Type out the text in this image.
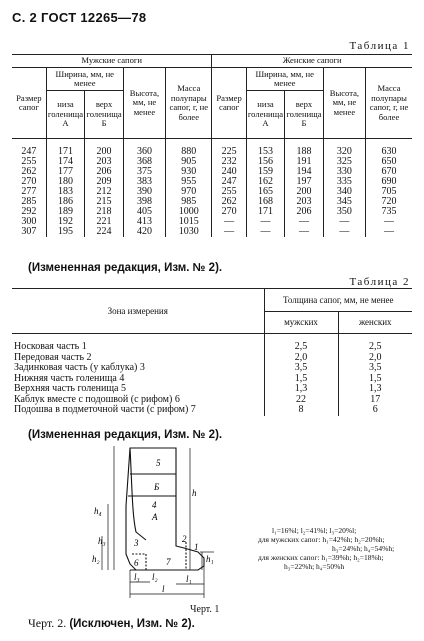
С. 2 ГОСТ 12265—78
Таблица 1
Мужские сапоги					Женские сапоги				
Размер сапог	Ширина, мм, не менее		Высота, мм, не менее	Масса полупары сапог, г, не более	Размер сапог	Ширина, мм, не менее		Высота, мм, не менее	Масса полупары сапог, г, не более
	низа голенища А	верх голенища Б				низа голенища А	верх голенища Б		

247	171	200	360	880	225	153	188	320	630
255	174	203	368	905	232	156	191	325	650
262	177	206	375	930	240	159	194	330	670
270	180	209	383	955	247	162	197	335	690
277	183	212	390	970	255	165	200	340	705
285	186	215	398	985	262	168	203	345	720
292	189	218	405	1000	270	171	206	350	735
300	192	221	413	1015	—	—	—	—	—
307	195	224	420	1030	—	—	—	—	—
(Измененная редакция, Изм. № 2).
Таблица 2
Зона измерения	Толщина сапог, мм, не менее	
	мужских	женских

Носковая часть 1	2,5	2,5
Передовая часть 2	2,0	2,0
Задинковая часть (у каблука) 3	3,5	3,5
Нижняя часть голенища 4	1,5	1,5
Верхняя часть голенища 5	1,3	1,3
Каблук вместе с подошвой (с рифом) 6	22	17
Подошва в подметочной части (с рифом) 7	8	6
(Измененная редакция, Изм. № 2).
5
Б
4
А
3
6	7
2
1
h
h₁
h₄
h₃
h₂
l₃
l
l₁
l₂
l₁=16%l; l₂=41%l; l₃=20%l;
для мужских сапог: h₁=42%h; h₂=20%h;
h₃=24%h; h₄=54%h;
для женских сапог: h₁=39%h; h₂=18%h;
h₃=22%h; h₄=50%h
Черт. 1
Черт. 2. (Исключен, Изм. № 2).
